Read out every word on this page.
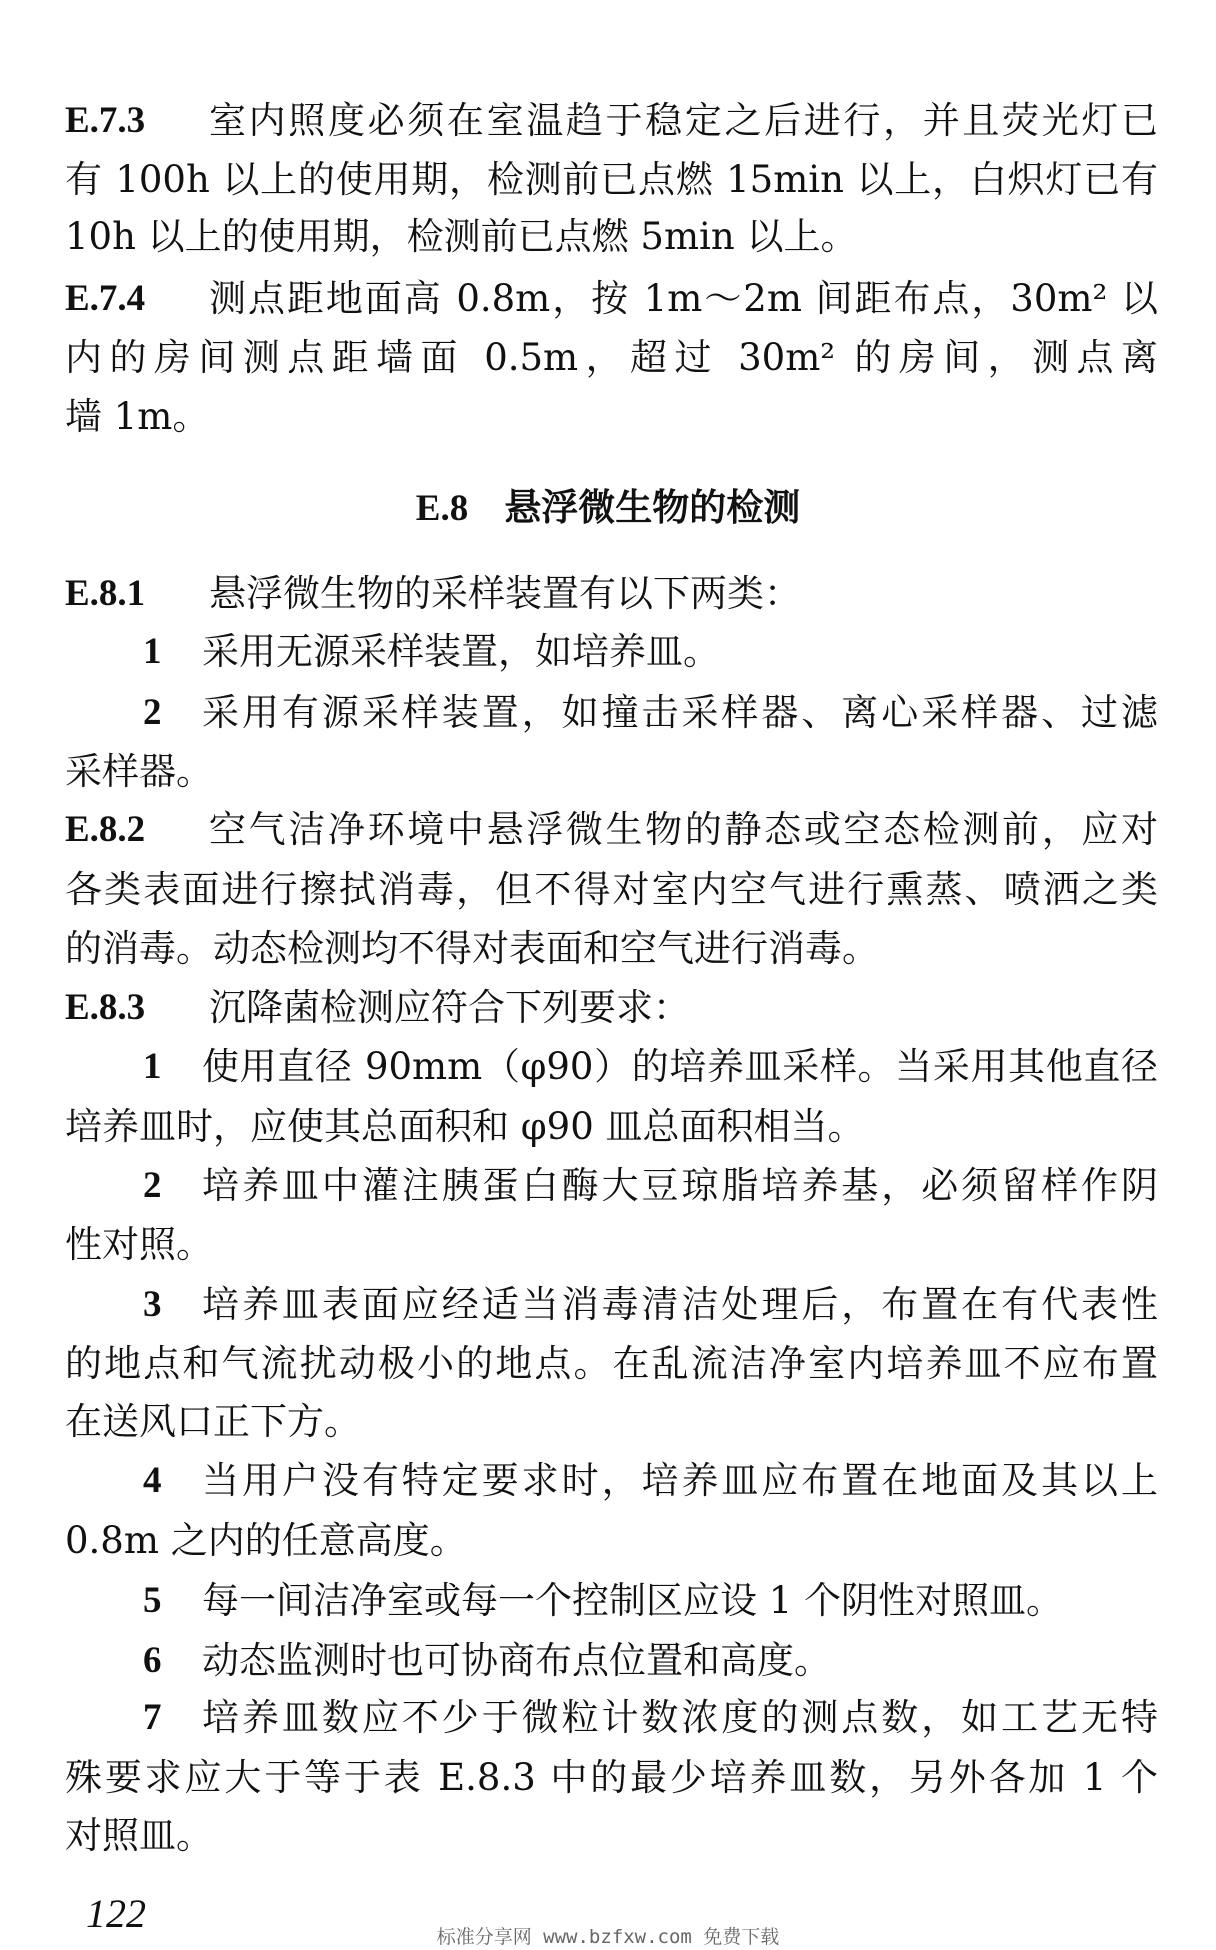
E.7.3	室内照度必须在室温趋于稳定之后进行，并且荧光灯已
有 100h 以上的使用期，检测前已点燃 15min 以上，白炽灯已有
10h 以上的使用期，检测前已点燃 5min 以上。
E.7.4	测点距地面高 0.8m，按 1m～2m 间距布点，30m² 以
内的房间测点距墙面 0.5m，超过 30m² 的房间，测点离
墙 1m。
E.8.1	悬浮微生物的采样装置有以下两类：
1	采用无源采样装置，如培养皿。
2	采用有源采样装置，如撞击采样器、离心采样器、过滤
采样器。
E.8.2	空气洁净环境中悬浮微生物的静态或空态检测前，应对
各类表面进行擦拭消毒，但不得对室内空气进行熏蒸、喷洒之类
的消毒。动态检测均不得对表面和空气进行消毒。
E.8.3	沉降菌检测应符合下列要求：
1	使用直径 90mm（φ90）的培养皿采样。当采用其他直径
培养皿时，应使其总面积和 φ90 皿总面积相当。
2	培养皿中灌注胰蛋白酶大豆琼脂培养基，必须留样作阴
性对照。
3	培养皿表面应经适当消毒清洁处理后，布置在有代表性
的地点和气流扰动极小的地点。在乱流洁净室内培养皿不应布置
在送风口正下方。
4	当用户没有特定要求时，培养皿应布置在地面及其以上
0.8m 之内的任意高度。
5	每一间洁净室或每一个控制区应设 1 个阴性对照皿。
6	动态监测时也可协商布点位置和高度。
7	培养皿数应不少于微粒计数浓度的测点数，如工艺无特
殊要求应大于等于表 E.8.3 中的最少培养皿数，另外各加 1 个
对照皿。
E.8 悬浮微生物的检测
122
标准分享网 www.bzfxw.com 免费下载
